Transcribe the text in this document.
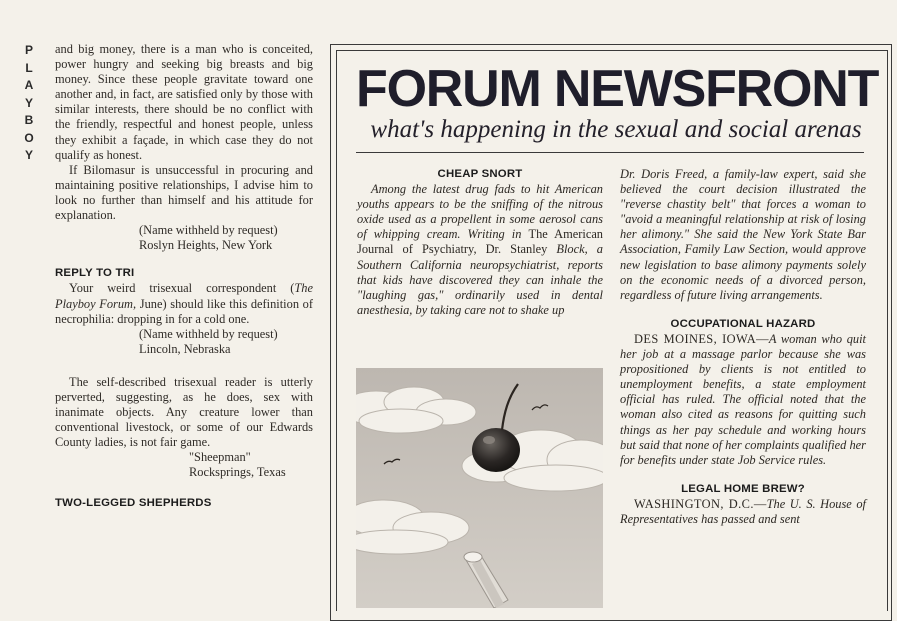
P
L
A
Y
B
O
Y

and big money, there is a man who is conceited, power hungry and seeking big breasts and big money. Since these people gravitate toward one another and, in fact, are satisfied only by those with similar interests, there should be no conflict with the friendly, respectful and honest people, unless they exhibit a façade, in which case they do not qualify as honest.

If Bilomasur is unsuccessful in procuring and maintaining positive relationships, I advise him to look no further than himself and his attitude for explanation.

(Name withheld by request)

Roslyn Heights, New York

REPLY TO TRI

Your weird trisexual correspondent (The Playboy Forum, June) should like this definition of necrophilia: dropping in for a cold one.

(Name withheld by request)

Lincoln, Nebraska

The self-described trisexual reader is utterly perverted, suggesting, as he does, sex with inanimate objects. Any creature lower than conventional livestock, or some of our Edwards County ladies, is not fair game.

"Sheepman"

Rocksprings, Texas

TWO-LEGGED SHEPHERDS

FORUM NEWSFRONT
what's happening in the sexual and social arenas

CHEAP SNORT

Among the latest drug fads to hit American youths appears to be the sniffing of the nitrous oxide used as a propellent in some aerosol cans of whipping cream. Writing in The American Journal of Psychiatry, Dr. Stanley Block, a Southern California neuropsychiatrist, reports that kids have discovered they can inhale the "laughing gas," ordinarily used in dental anesthesia, by taking care not to shake up

Dr. Doris Freed, a family-law expert, said she believed the court decision illustrated the "reverse chastity belt" that forces a woman to "avoid a meaningful relationship at risk of losing her alimony." She said the New York State Bar Association, Family Law Section, would approve new legislation to base alimony payments solely on the economic needs of a divorced person, regardless of future living arrangements.

OCCUPATIONAL HAZARD

DES MOINES, IOWA—A woman who quit her job at a massage parlor because she was propositioned by clients is not entitled to unemployment benefits, a state employment official has ruled. The official noted that the woman also cited as reasons for quitting such things as her pay schedule and working hours but said that none of her complaints qualified her for benefits under state Job Service rules.

LEGAL HOME BREW?

WASHINGTON, D.C.—The U. S. House of Representatives has passed and sent
